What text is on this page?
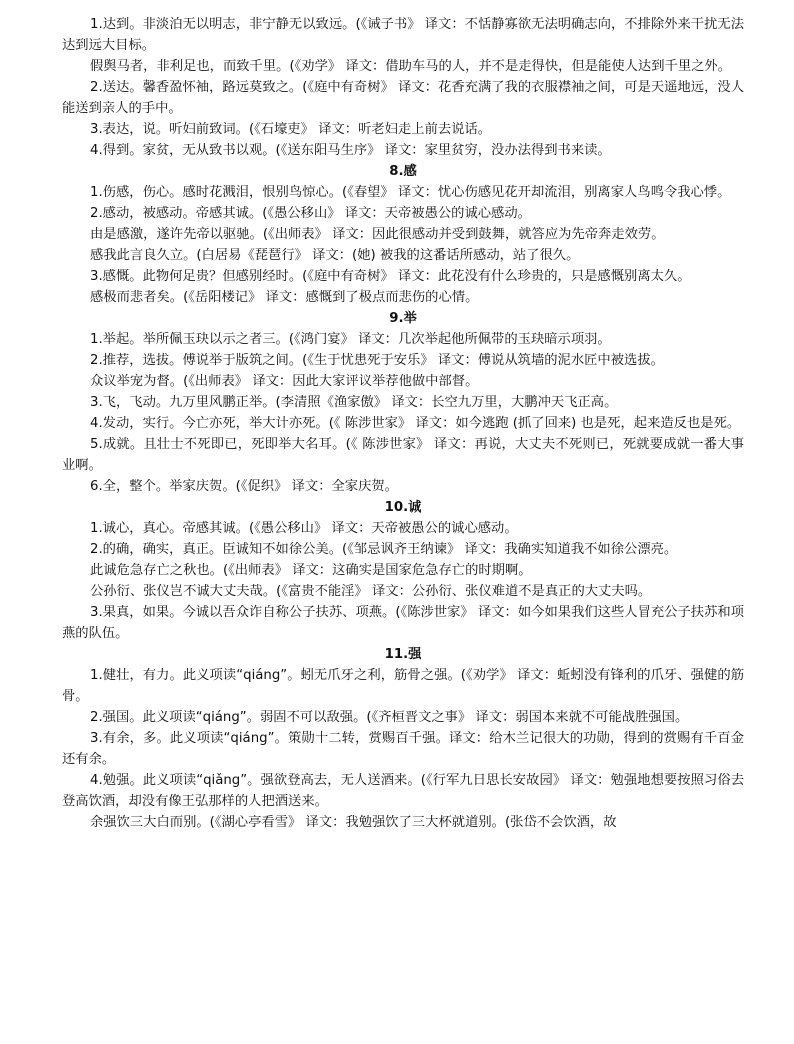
1.达到。非淡泊无以明志，非宁静无以致远。(《诫子书》 译文：不恬静寡欲无法明确志向，不排除外来干扰无法达到远大目标。

假舆马者，非利足也，而致千里。(《劝学》 译文：借助车马的人，并不是走得快，但是能使人达到千里之外。

2.送达。馨香盈怀袖，路远莫致之。(《庭中有奇树》 译文：花香充满了我的衣服襟袖之间，可是天遥地远，没人能送到亲人的手中。

3.表达，说。听妇前致词。(《石壕吏》 译文：听老妇走上前去说话。

4.得到。家贫，无从致书以观。(《送东阳马生序》 译文：家里贫穷，没办法得到书来读。

8.感

1.伤感，伤心。感时花溅泪，恨别鸟惊心。(《春望》 译文：忧心伤感见花开却流泪，别离家人鸟鸣令我心悸。

2.感动，被感动。帝感其诚。(《愚公移山》 译文：天帝被愚公的诚心感动。

由是感激，遂许先帝以驱驰。(《出师表》 译文：因此很感动并受到鼓舞，就答应为先帝奔走效劳。

感我此言良久立。(白居易《琵琶行》 译文：(她) 被我的这番话所感动，站了很久。

3.感慨。此物何足贵？但感别经时。(《庭中有奇树》 译文：此花没有什么珍贵的，只是感慨别离太久。

感极而悲者矣。(《岳阳楼记》 译文：感慨到了极点而悲伤的心情。

9.举

1.举起。举所佩玉玦以示之者三。(《鸿门宴》 译文：几次举起他所佩带的玉玦暗示项羽。

2.推荐，选拔。傅说举于版筑之间。(《生于忧患死于安乐》 译文：傅说从筑墙的泥水匠中被选拔。

众议举宠为督。(《出师表》 译文：因此大家评议举荐他做中部督。

3.飞，飞动。九万里风鹏正举。(李清照《渔家傲》 译文：长空九万里，大鹏冲天飞正高。

4.发动，实行。今亡亦死，举大计亦死。(《 陈涉世家》 译文：如今逃跑 (抓了回来) 也是死，起来造反也是死。

5.成就。且壮士不死即已，死即举大名耳。(《 陈涉世家》 译文：再说，大丈夫不死则已，死就要成就一番大事业啊。

6.全，整个。举家庆贺。(《促织》 译文：全家庆贺。

10.诚

1.诚心，真心。帝感其诚。(《愚公移山》 译文：天帝被愚公的诚心感动。

2.的确，确实，真正。臣诚知不如徐公美。(《邹忌讽齐王纳谏》 译文：我确实知道我不如徐公漂亮。

此诚危急存亡之秋也。(《出师表》 译文：这确实是国家危急存亡的时期啊。

公孙衍、张仪岂不诚大丈夫哉。(《富贵不能淫》 译文：公孙衍、张仪难道不是真正的大丈夫吗。

3.果真，如果。今诚以吾众诈自称公子扶苏、项燕。(《陈涉世家》 译文：如今如果我们这些人冒充公子扶苏和项燕的队伍。

11.强

1.健壮，有力。此义项读“qiáng”。蚓无爪牙之利，筋骨之强。(《劝学》 译文：蚯蚓没有锋利的爪牙、强健的筋骨。

2.强国。此义项读“qiáng”。弱固不可以敌强。(《齐桓晋文之事》 译文：弱国本来就不可能战胜强国。

3.有余，多。此义项读“qiáng”。策勋十二转，赏赐百千强。译文：给木兰记很大的功勋，得到的赏赐有千百金还有余。

4.勉强。此义项读“qiǎng”。强欲登高去，无人送酒来。(《行军九日思长安故园》 译文：勉强地想要按照习俗去登高饮酒，却没有像王弘那样的人把酒送来。

余强饮三大白而别。(《湖心亭看雪》 译文：我勉强饮了三大杯就道别。(张岱不会饮酒，故
